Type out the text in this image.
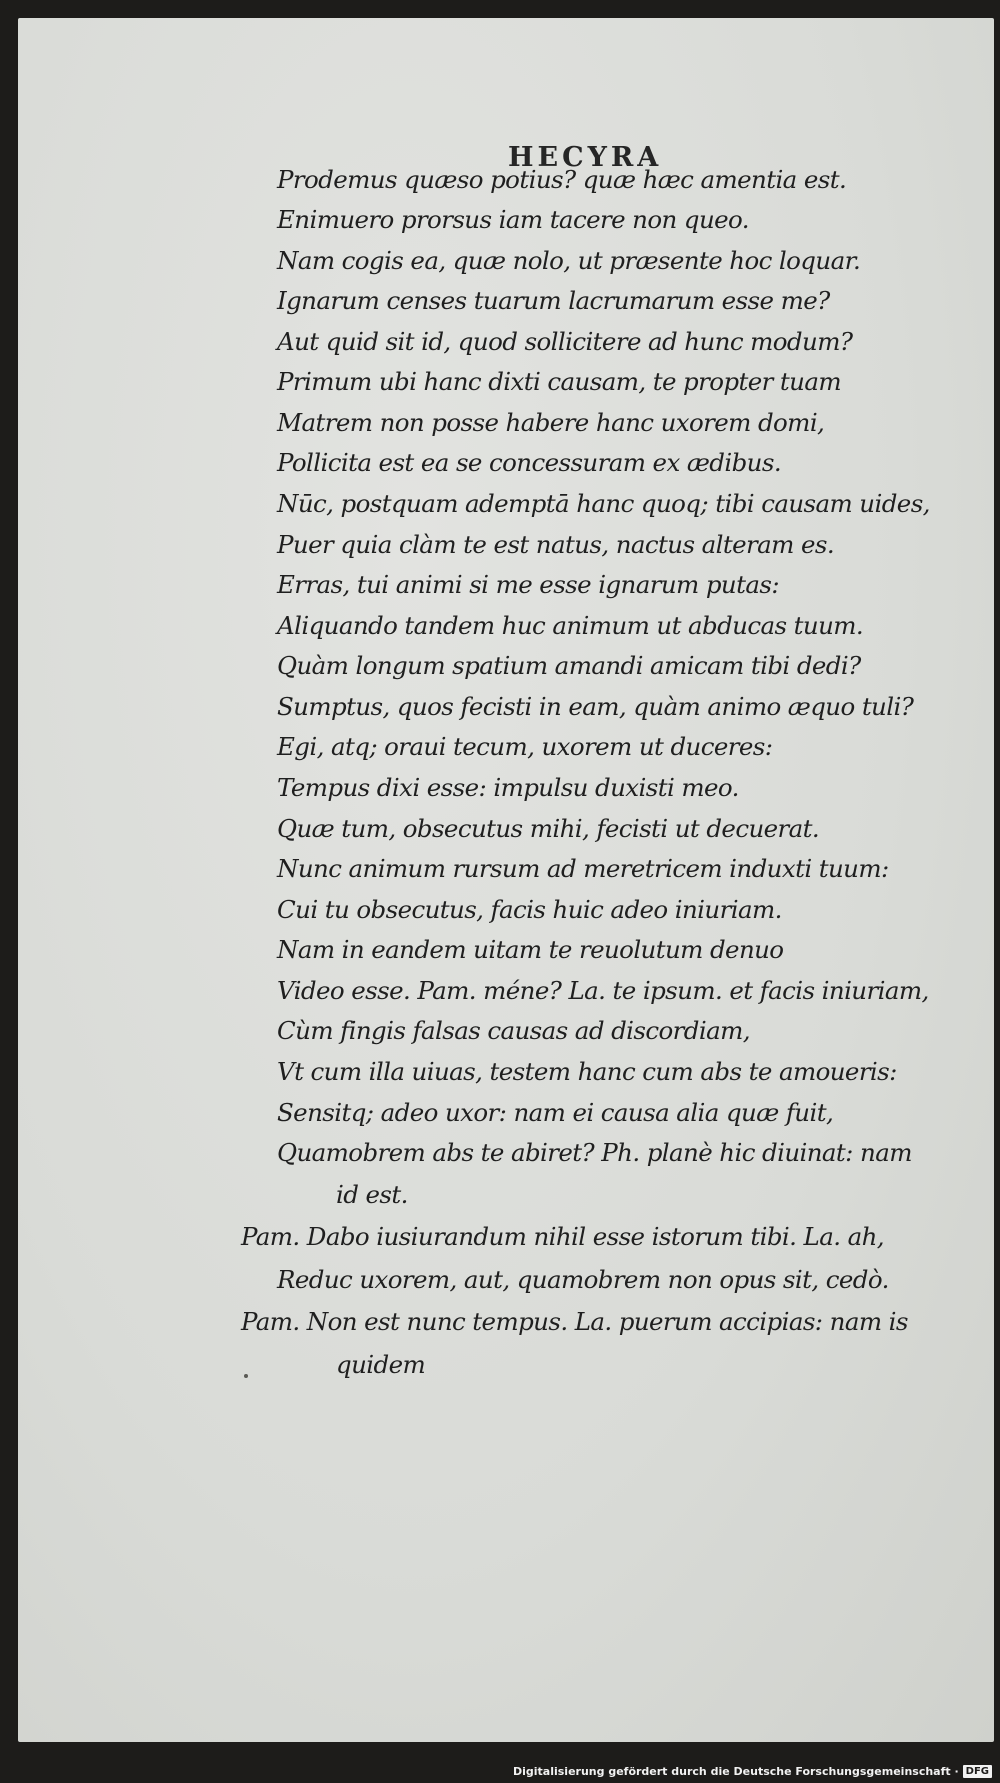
HECYRA
Prodemus quæso potius? quæ hæc amentia est.
Enimuero prorsus iam tacere non queo.
Nam cogis ea, quæ nolo, ut præsente hoc loquar.
Ignarum censes tuarum lacrumarum esse me?
Aut quid sit id, quod sollicitere ad hunc modum?
Primum ubi hanc dixti causam, te propter tuam
Matrem non posse habere hanc uxorem domi,
Pollicita est ea se concessuram ex ædibus.
Nūc, postquam ademptā hanc quoq; tibi causam uides,
Puer quia clàm te est natus, nactus alteram es.
Erras, tui animi si me esse ignarum putas:
Aliquando tandem huc animum ut abducas tuum.
Quàm longum spatium amandi amicam tibi dedi?
Sumptus, quos fecisti in eam, quàm animo æquo tuli?
Egi, atq; oraui tecum, uxorem ut duceres:
Tempus dixi esse: impulsu duxisti meo.
Quæ tum, obsecutus mihi, fecisti ut decuerat.
Nunc animum rursum ad meretricem induxti tuum:
Cui tu obsecutus, facis huic adeo iniuriam.
Nam in eandem uitam te reuolutum denuo
Video esse. Pam. méne? La. te ipsum. et facis iniuriam,
Cùm fingis falsas causas ad discordiam,
Vt cum illa uiuas, testem hanc cum abs te amoueris:
Sensitq; adeo uxor: nam ei causa alia quæ fuit,
Quamobrem abs te abiret? Ph. planè hic diuinat: nam
id est.
Pam. Dabo iusiurandum nihil esse istorum tibi. La. ah,
Reduc uxorem, aut, quamobrem non opus sit, cedò.
Pam. Non est nunc tempus. La. puerum accipias: nam is
quidem
Digitalisierung gefördert durch die Deutsche Forschungsgemeinschaft · DFG
